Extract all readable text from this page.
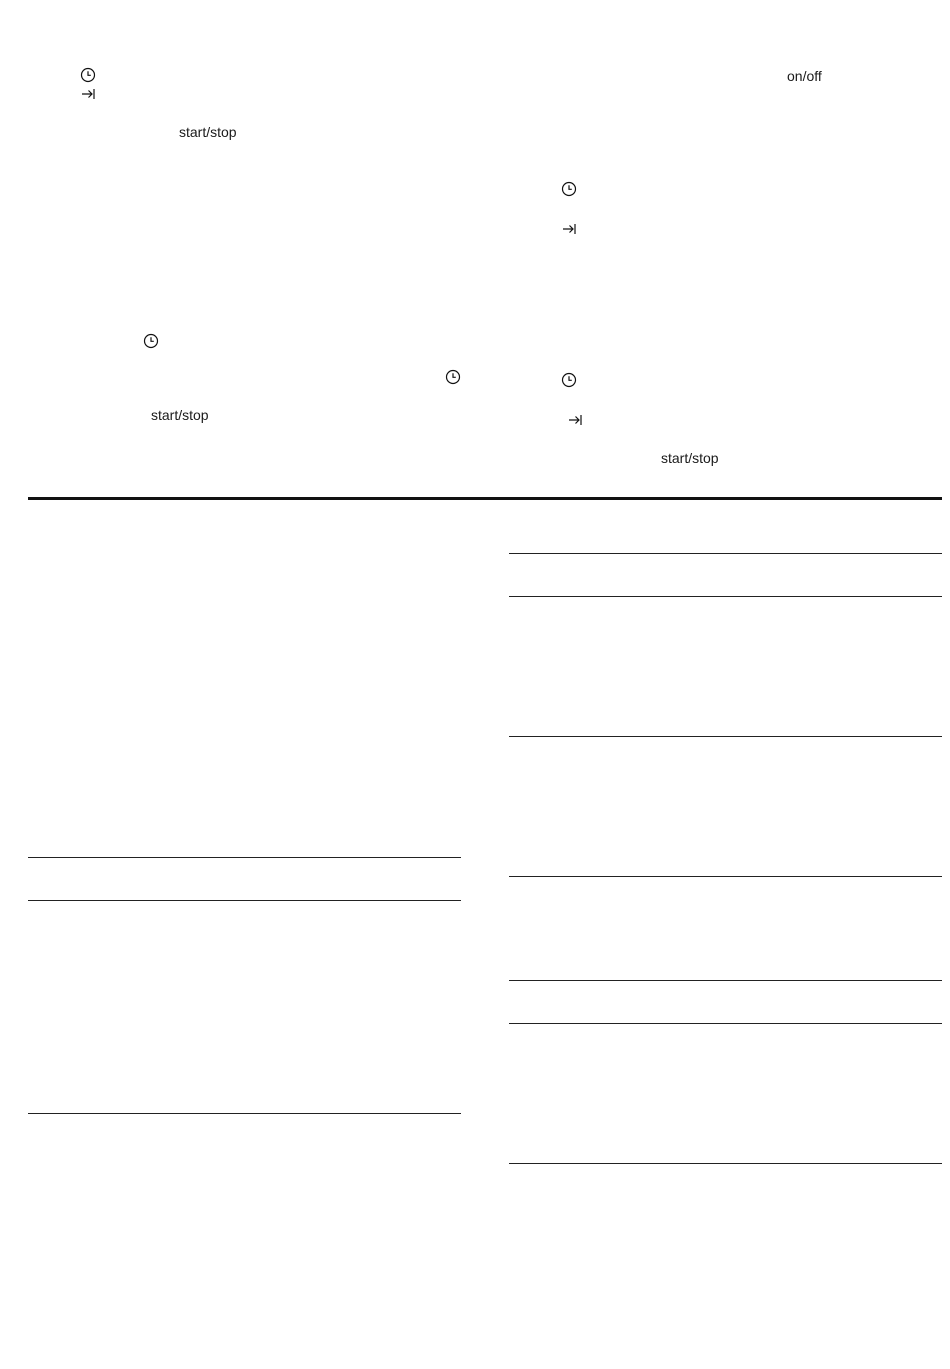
start/stop
start/stop
on/off
start/stop
